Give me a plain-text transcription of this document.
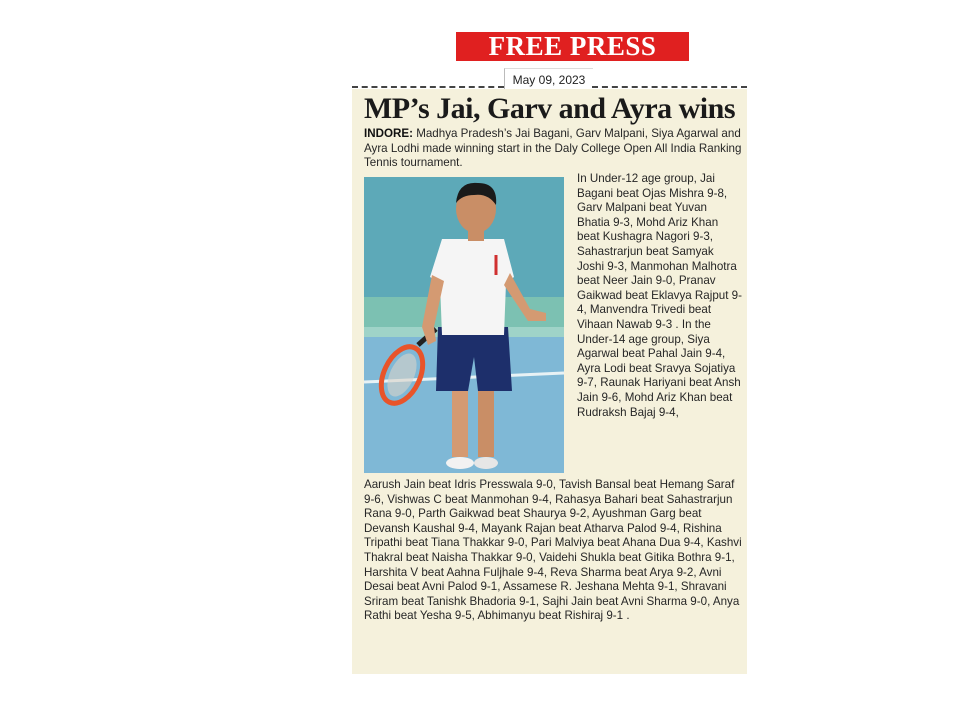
FREE PRESS
May 09, 2023
MP’s Jai, Garv and Ayra wins
INDORE: Madhya Pradesh’s Jai Bagani, Garv Malpani, Siya Agarwal and Ayra Lodhi made winning start in the Daly College Open All India Ranking Tennis tournament.
In Under-12 age group, Jai Bagani beat Ojas Mishra 9-8, Garv Malpani beat Yuvan Bhatia 9-3, Mohd Ariz Khan beat Kushagra Nagori 9-3, Sahastrarjun beat Samyak Joshi 9-3, Manmohan Malhotra beat Neer Jain 9-0, Pranav Gaikwad beat Eklavya Rajput 9-4, Manvendra Trivedi beat Vihaan Nawab 9-3 . In the Under-14 age group, Siya Agarwal beat Pahal Jain 9-4, Ayra Lodi beat Sravya Sojatiya 9-7, Raunak Hariyani beat Ansh Jain 9-6, Mohd Ariz Khan beat Rudraksh Bajaj 9-4,
Aarush Jain beat Idris Presswala 9-0, Tavish Bansal beat Hemang Saraf 9-6, Vishwas C beat Manmohan 9-4, Rahasya Bahari beat Sahastrarjun Rana 9-0, Parth Gaikwad beat Shaurya 9-2, Ayushman Garg beat Devansh Kaushal 9-4, Mayank Rajan beat Atharva Palod 9-4, Rishina Tripathi beat Tiana Thakkar 9-0, Pari Malviya beat Ahana Dua 9-4, Kashvi Thakral beat Naisha Thakkar 9-0, Vaidehi Shukla beat Gitika Bothra 9-1, Harshita V beat Aahna Fuljhale 9-4, Reva Sharma beat Arya 9-2, Avni Desai beat Avni Palod 9-1, Assamese R. Jeshana Mehta 9-1, Shravani Sriram beat Tanishk Bhadoria 9-1, Sajhi Jain beat Avni Sharma 9-0, Anya Rathi beat Yesha 9-5, Abhimanyu beat Rishiraj 9-1 .
